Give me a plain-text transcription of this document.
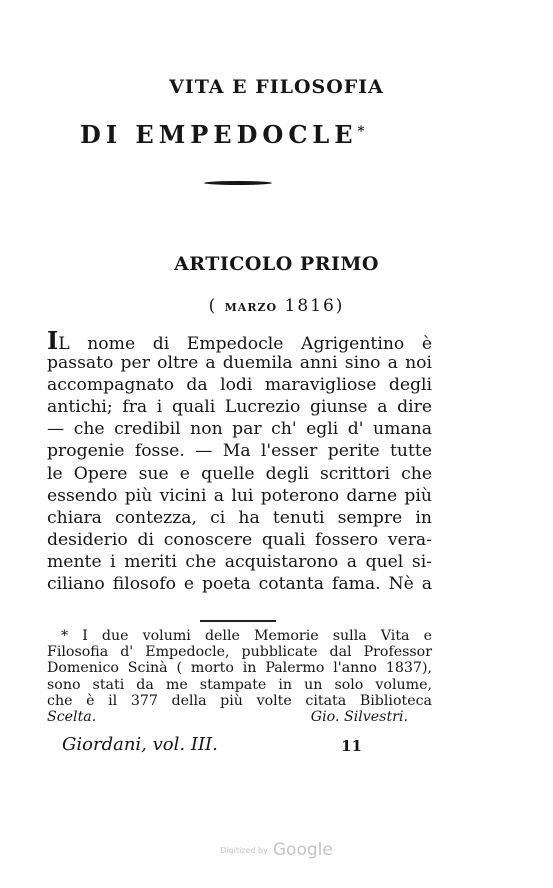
VITA E FILOSOFIA
DI EMPEDOCLE*
ARTICOLO PRIMO
( MARZO 1816)
IL nome di Empedocle Agrigentino è
passato per oltre a duemila anni sino a noi
accompagnato da lodi maravigliose degli
antichi; fra i quali Lucrezio giunse a dire
— che credibil non par ch' egli d' umana
progenie fosse. — Ma l'esser perite tutte
le Opere sue e quelle degli scrittori che
essendo più vicini a lui poterono darne più
chiara contezza, ci ha tenuti sempre in
desiderio di conoscere quali fossero vera-
mente i meriti che acquistarono a quel si-
ciliano filosofo e poeta cotanta fama. Nè a
* I due volumi delle Memorie sulla Vita e
Filosofia d' Empedocle, pubblicate dal Professor
Domenico Scinà ( morto in Palermo l'anno 1837),
sono stati da me stampate in un solo volume,
che è il 377 della più volte citata Biblioteca
Scelta.	Gio. Silvestri.
Giordani, vol. III.	11
Digitized by Google
